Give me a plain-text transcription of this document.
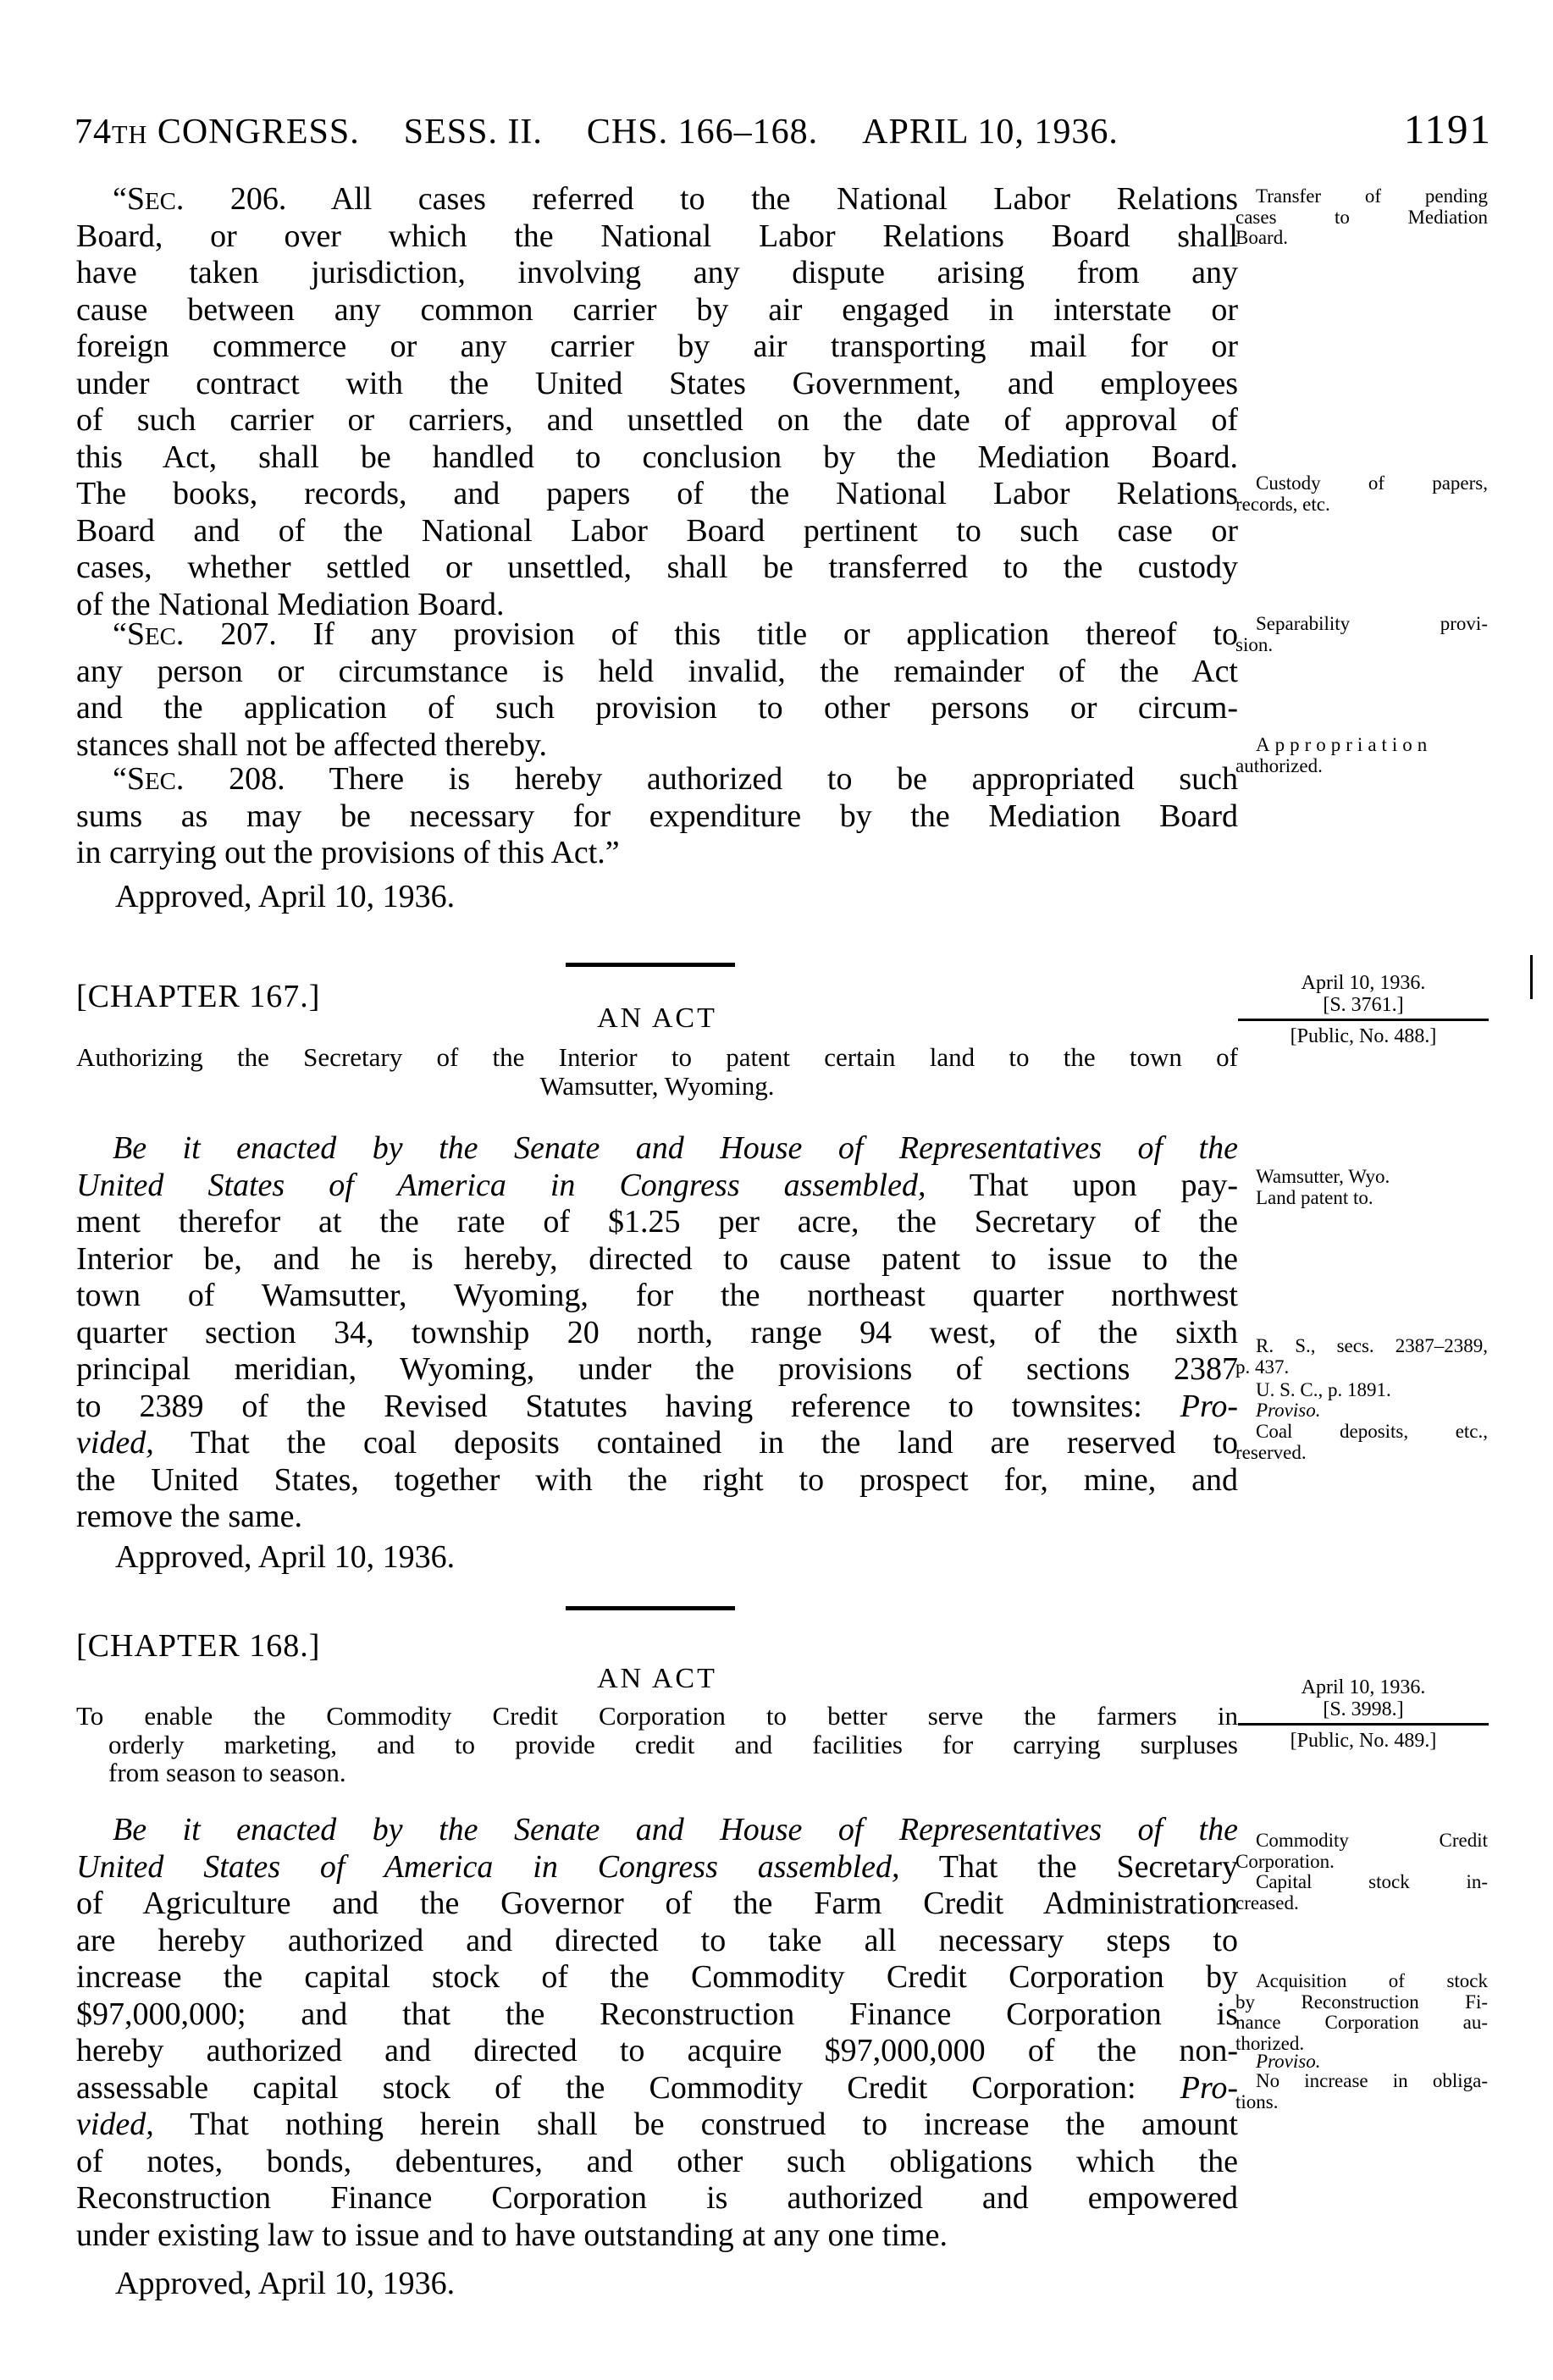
74TH CONGRESS. SESS. II. CHS. 166–168. APRIL 10, 1936.	1191
“SEC. 206. All cases referred to the National Labor Relations
Board, or over which the National Labor Relations Board shall
have taken jurisdiction, involving any dispute arising from any
cause between any common carrier by air engaged in interstate or
foreign commerce or any carrier by air transporting mail for or
under contract with the United States Government, and employees
of such carrier or carriers, and unsettled on the date of approval of
this Act, shall be handled to conclusion by the Mediation Board.
The books, records, and papers of the National Labor Relations
Board and of the National Labor Board pertinent to such case or
cases, whether settled or unsettled, shall be transferred to the custody
of the National Mediation Board.
“SEC. 207. If any provision of this title or application thereof to
any person or circumstance is held invalid, the remainder of the Act
and the application of such provision to other persons or circum-
stances shall not be affected thereby.
“SEC. 208. There is hereby authorized to be appropriated such
sums as may be necessary for expenditure by the Mediation Board
in carrying out the provisions of this Act.”
Approved, April 10, 1936.
Transfer of pending
cases to Mediation
Board.
Custody of papers,
records, etc.
Separability provi-
sion.
Appropriation
authorized.
[CHAPTER 167.]
AN ACT
Authorizing the Secretary of the Interior to patent certain land to the town of
Wamsutter, Wyoming.
April 10, 1936.
[S. 3761.]
[Public, No. 488.]
Be it enacted by the Senate and House of Representatives of the
United States of America in Congress assembled, That upon pay-
ment therefor at the rate of $1.25 per acre, the Secretary of the
Interior be, and he is hereby, directed to cause patent to issue to the
town of Wamsutter, Wyoming, for the northeast quarter northwest
quarter section 34, township 20 north, range 94 west, of the sixth
principal meridian, Wyoming, under the provisions of sections 2387
to 2389 of the Revised Statutes having reference to townsites: Pro-
vided, That the coal deposits contained in the land are reserved to
the United States, together with the right to prospect for, mine, and
remove the same.
Approved, April 10, 1936.
Wamsutter, Wyo.
Land patent to.
R. S., secs. 2387–2389,
p. 437.
U. S. C., p. 1891.
Proviso.
Coal deposits, etc.,
reserved.
[CHAPTER 168.]
AN ACT
To enable the Commodity Credit Corporation to better serve the farmers in
orderly marketing, and to provide credit and facilities for carrying surpluses
from season to season.
April 10, 1936.
[S. 3998.]
[Public, No. 489.]
Be it enacted by the Senate and House of Representatives of the
United States of America in Congress assembled, That the Secretary
of Agriculture and the Governor of the Farm Credit Administration
are hereby authorized and directed to take all necessary steps to
increase the capital stock of the Commodity Credit Corporation by
$97,000,000; and that the Reconstruction Finance Corporation is
hereby authorized and directed to acquire $97,000,000 of the non-
assessable capital stock of the Commodity Credit Corporation: Pro-
vided, That nothing herein shall be construed to increase the amount
of notes, bonds, debentures, and other such obligations which the
Reconstruction Finance Corporation is authorized and empowered
under existing law to issue and to have outstanding at any one time.
Approved, April 10, 1936.
Commodity Credit
Corporation.
Capital stock in-
creased.
Acquisition of stock
by Reconstruction Fi-
nance Corporation au-
thorized.
Proviso.
No increase in obliga-
tions.
